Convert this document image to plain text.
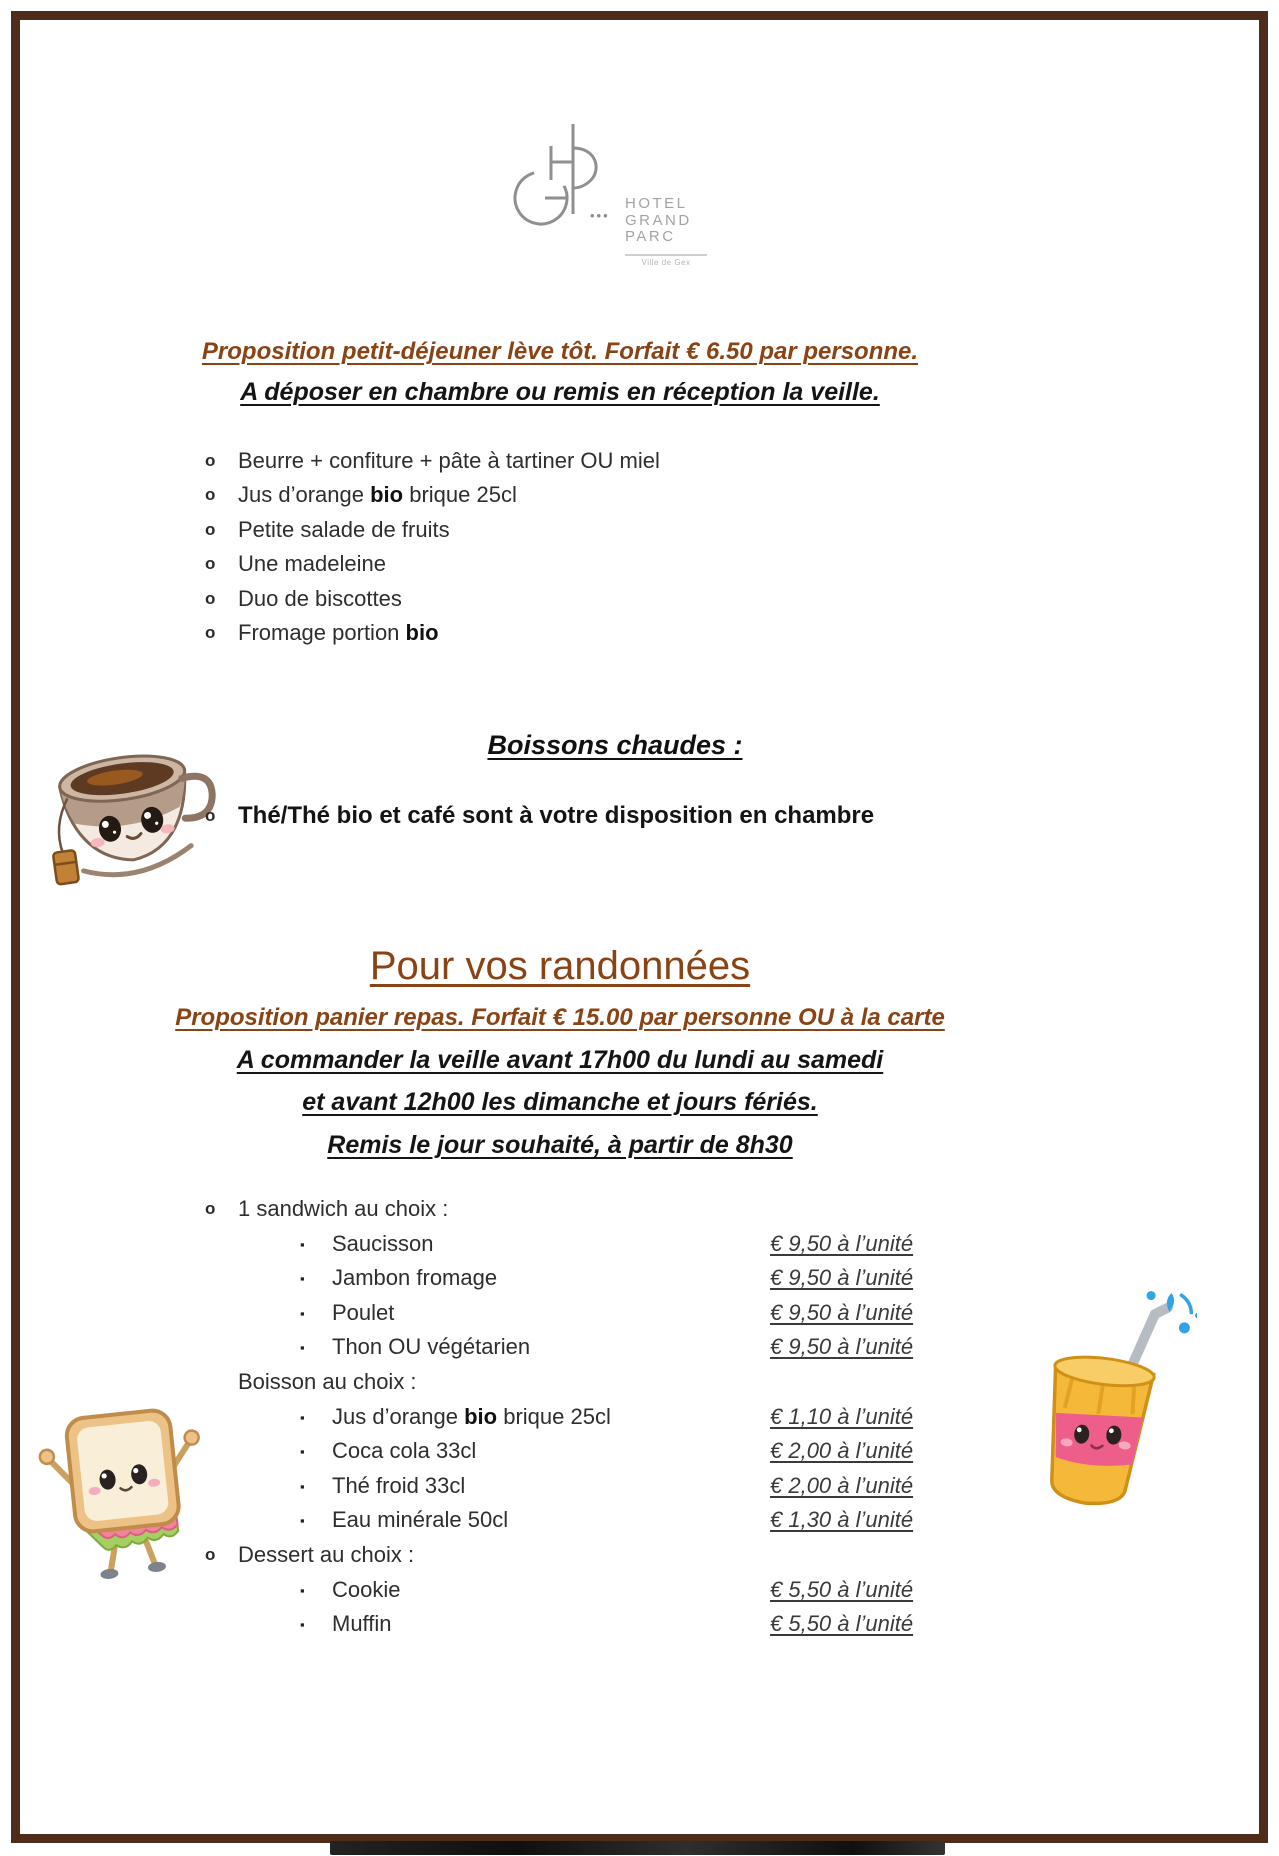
•••
HOTEL
GRAND
PARC
Ville de Gex
Proposition petit-déjeuner lève tôt. Forfait € 6.50 par personne.
A déposer en chambre ou remis en réception la veille.
o Beurre + confiture + pâte à tartiner OU miel
o Jus d’orange bio brique 25cl
o Petite salade de fruits
o Une madeleine
o Duo de biscottes
o Fromage portion bio
Boissons chaudes :
o Thé/Thé bio et café sont à votre disposition en chambre
Pour vos randonnées
Proposition panier repas. Forfait € 15.00 par personne OU à la carte
A commander la veille avant 17h00 du lundi au samedi
et avant 12h00 les dimanche et jours fériés.
Remis le jour souhaité, à partir de 8h30
o 1 sandwich au choix :
▪ Saucisson	€ 9,50 à l’unité
▪ Jambon fromage	€ 9,50 à l’unité
▪ Poulet	€ 9,50 à l’unité
▪ Thon OU végétarien	€ 9,50 à l’unité
Boisson au choix :
▪ Jus d’orange bio brique 25cl	€ 1,10 à l’unité
▪ Coca cola 33cl	€ 2,00 à l’unité
▪ Thé froid 33cl	€ 2,00 à l’unité
▪ Eau minérale 50cl	€ 1,30 à l’unité
o Dessert au choix :
▪ Cookie	€ 5,50 à l’unité
▪ Muffin	€ 5,50 à l’unité
